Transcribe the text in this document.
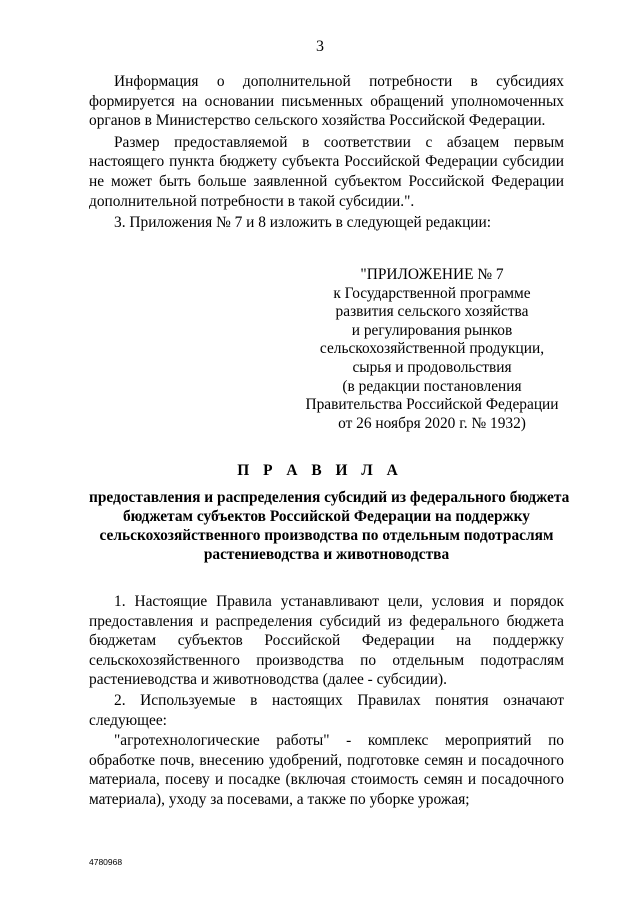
3

Информация о дополнительной потребности в субсидиях формируется на основании письменных обращений уполномоченных органов в Министерство сельского хозяйства Российской Федерации.

Размер предоставляемой в соответствии с абзацем первым настоящего пункта бюджету субъекта Российской Федерации субсидии не может быть больше заявленной субъектом Российской Федерации дополнительной потребности в такой субсидии.".

3. Приложения № 7 и 8 изложить в следующей редакции:

"ПРИЛОЖЕНИЕ № 7
к Государственной программе
развития сельского хозяйства
и регулирования рынков
сельскохозяйственной продукции,
сырья и продовольствия
(в редакции постановления
Правительства Российской Федерации
от 26 ноября 2020 г. № 1932)
П Р А В И Л А
предоставления и распределения субсидий из федерального бюджета
бюджетам субъектов Российской Федерации на поддержку
сельскохозяйственного производства по отдельным подотраслям
растениеводства и животноводства

1. Настоящие Правила устанавливают цели, условия и порядок предоставления и распределения субсидий из федерального бюджета бюджетам субъектов Российской Федерации на поддержку сельскохозяйственного производства по отдельным подотраслям растениеводства и животноводства (далее - субсидии).

2. Используемые в настоящих Правилах понятия означают следующее:

"агротехнологические работы" - комплекс мероприятий по обработке почв, внесению удобрений, подготовке семян и посадочного материала, посеву и посадке (включая стоимость семян и посадочного материала), уходу за посевами, а также по уборке урожая;

4780968
